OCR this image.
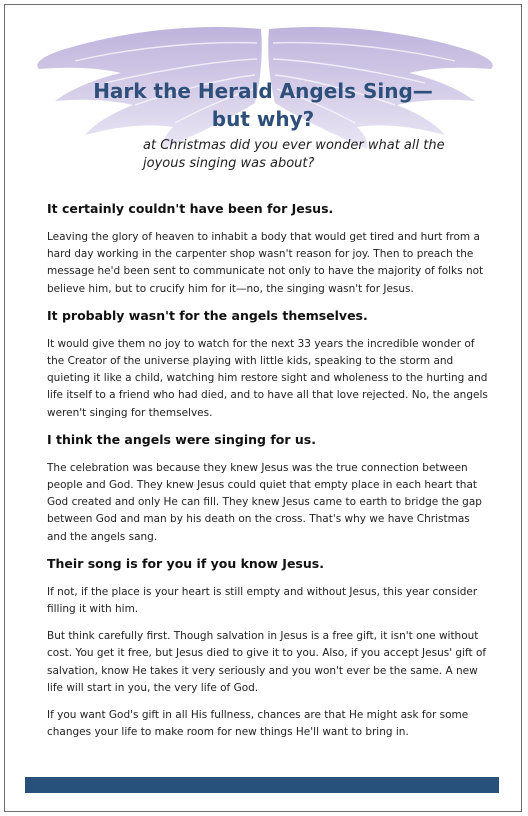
Hark the Herald Angels Sing—
but why?

at Christmas did you ever wonder what all the
joyous singing was about?

It certainly couldn't have been for Jesus.

Leaving the glory of heaven to inhabit a body that would get tired and hurt from a hard day working in the carpenter shop wasn't reason for joy. Then to preach the message he'd been sent to communicate not only to have the majority of folks not believe him, but to crucify him for it—no, the singing wasn't for Jesus.

It probably wasn't for the angels themselves.

It would give them no joy to watch for the next 33 years the incredible wonder of the Creator of the universe playing with little kids, speaking to the storm and quieting it like a child, watching him restore sight and wholeness to the hurting and life itself to a friend who had died, and to have all that love rejected. No, the angels weren't singing for themselves.

I think the angels were singing for us.

The celebration was because they knew Jesus was the true connection between people and God. They knew Jesus could quiet that empty place in each heart that God created and only He can fill. They knew Jesus came to earth to bridge the gap between God and man by his death on the cross. That's why we have Christmas and the angels sang.

Their song is for you if you know Jesus.

If not, if the place is your heart is still empty and without Jesus, this year consider filling it with him.

But think carefully first. Though salvation in Jesus is a free gift, it isn't one without cost. You get it free, but Jesus died to give it to you. Also, if you accept Jesus' gift of salvation, know He takes it very seriously and you won't ever be the same. A new life will start in you, the very life of God.

If you want God's gift in all His fullness, chances are that He might ask for some changes your life to make room for new things He'll want to bring in.
